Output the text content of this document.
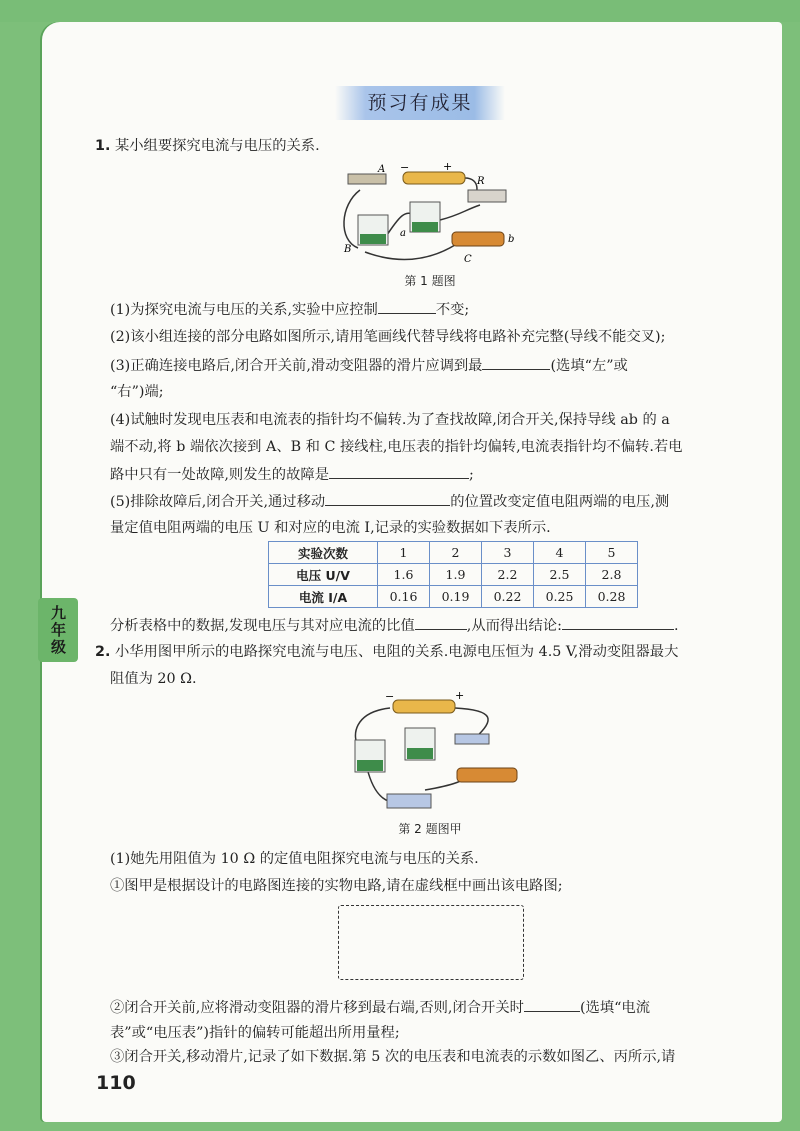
九年级
预习有成果
1. 某小组要探究电流与电压的关系.
A −	+
R
a
b
B
C
第 1 题图
(1)为探究电流与电压的关系,实验中应控制	不变;
(2)该小组连接的部分电路如图所示,请用笔画线代替导线将电路补充完整(导线不能交叉);
(3)正确连接电路后,闭合开关前,滑动变阻器的滑片应调到最	(选填“左”或
“右”)端;
(4)试触时发现电压表和电流表的指针均不偏转.为了查找故障,闭合开关,保持导线 ab 的 a
端不动,将 b 端依次接到 A、B 和 C 接线柱,电压表的指针均偏转,电流表指针均不偏转.若电
路中只有一处故障,则发生的故障是	;
(5)排除故障后,闭合开关,通过移动	的位置改变定值电阻两端的电压,测
量定值电阻两端的电压 U 和对应的电流 I,记录的实验数据如下表所示.
实验次数	1	2	3	4	5
电压 U/V	1.6	1.9	2.2	2.5	2.8
电流 I/A	0.16	0.19	0.22	0.25	0.28
分析表格中的数据,发现电压与其对应电流的比值	,从而得出结论:	.
2. 小华用图甲所示的电路探究电流与电压、电阻的关系.电源电压恒为 4.5 V,滑动变阻器最大
阻值为 20 Ω.
−	+
第 2 题图甲
(1)她先用阻值为 10 Ω 的定值电阻探究电流与电压的关系.
①图甲是根据设计的电路图连接的实物电路,请在虚线框中画出该电路图;
②闭合开关前,应将滑动变阻器的滑片移到最右端,否则,闭合开关时	(选填“电流
表”或“电压表”)指针的偏转可能超出所用量程;
③闭合开关,移动滑片,记录了如下数据.第 5 次的电压表和电流表的示数如图乙、丙所示,请
110
